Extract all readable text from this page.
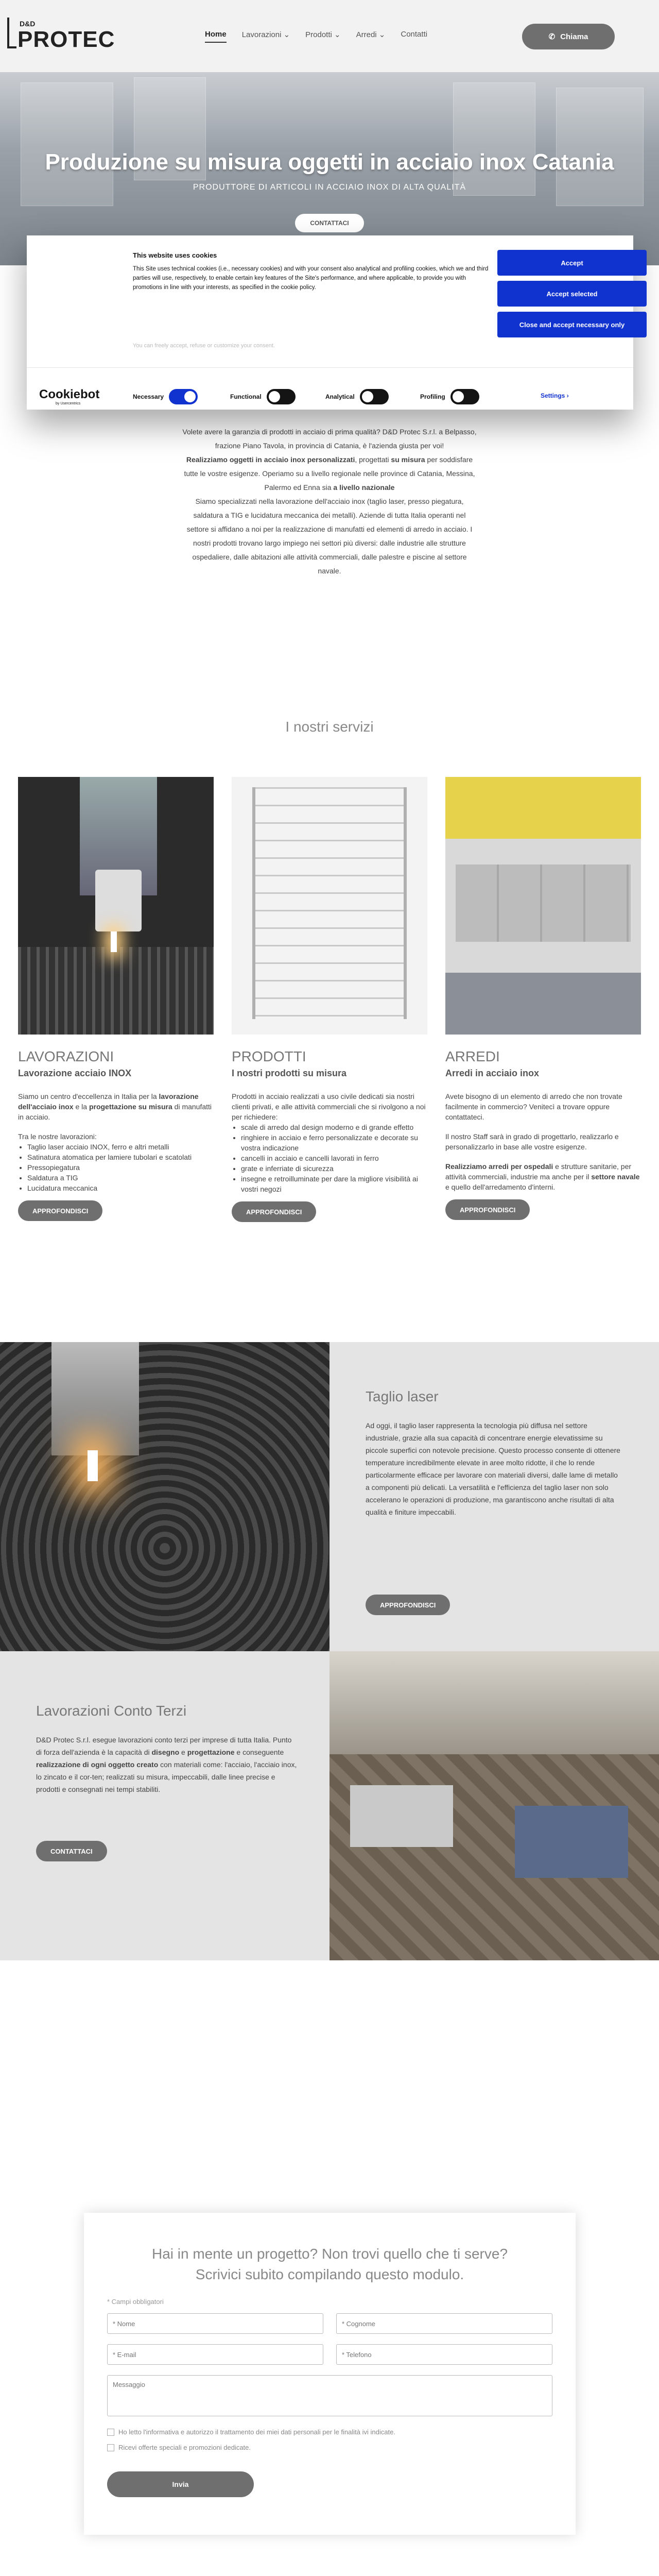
D&D
PROTEC	Home Lavorazioni ⌄ Prodotti ⌄ Arredi ⌄ Contatti	✆ Chiama
Produzione su misura oggetti in acciaio inox Catania
PRODUTTORE DI ARTICOLI IN ACCIAIO INOX DI ALTA QUALITÀ
CONTATTACI
This website uses cookies
This Site uses technical cookies (i.e., necessary cookies) and with your consent also analytical and profiling cookies, which we and third parties will use, respectively, to enable certain key features of the Site's performance, and where applicable, to provide you with promotions in line with your interests, as specified in the cookie policy.
You can freely accept, refuse or customize your consent.
Accept
Accept selected
Close and accept necessary only
Cookiebot
by Usercentrics
Necessary	Functional	Analytical	Profiling	Settings ›

Volete avere la garanzia di prodotti in acciaio di prima qualità? D&D Protec S.r.l. a Belpasso,

frazione Piano Tavola, in provincia di Catania, è l'azienda giusta per voi!

Realizziamo oggetti in acciaio inox personalizzati, progettati su misura per soddisfare

tutte le vostre esigenze. Operiamo su a livello regionale nelle province di Catania, Messina,

Palermo ed Enna sia a livello nazionale

Siamo specializzati nella lavorazione dell'acciaio inox (taglio laser, presso piegatura,

saldatura a TIG e lucidatura meccanica dei metalli). Aziende di tutta Italia operanti nel

settore si affidano a noi per la realizzazione di manufatti ed elementi di arredo in acciaio. I

nostri prodotti trovano largo impiego nei settori più diversi: dalle industrie alle strutture

ospedaliere, dalle abitazioni alle attività commerciali, dalle palestre e piscine al settore

navale.

I nostri servizi
LAVORAZIONI
Lavorazione acciaio INOX

Siamo un centro d'eccellenza in Italia per la lavorazione dell'acciaio inox e la progettazione su misura di manufatti in acciaio.

Tra le nostre lavorazioni:

• Taglio laser acciaio INOX, ferro e altri metalli
• Satinatura atomatica per lamiere tubolari e scatolati
• Pressopiegatura
• Saldatura a TIG
• Lucidatura meccanica
APPROFONDISCI
PRODOTTI
I nostri prodotti su misura

Prodotti in acciaio realizzati a uso civile dedicati sia nostri clienti privati, e alle attività commerciali che si rivolgono a noi per richiedere:

• scale di arredo dal design moderno e di grande effetto
• ringhiere in acciaio e ferro personalizzate e decorate su vostra indicazione
• cancelli in acciaio e cancelli lavorati in ferro
• grate e inferriate di sicurezza
• insegne e retroilluminate per dare la migliore visibilità ai vostri negozi
APPROFONDISCI
ARREDI
Arredi in acciaio inox

Avete bisogno di un elemento di arredo che non trovate facilmente in commercio? Venitecì a trovare oppure contattateci.

Il nostro Staff sarà in grado di progettarlo, realizzarlo e personalizzarlo in base alle vostre esigenze.

Realizziamo arredi per ospedali e strutture sanitarie, per attività commerciali, industrie ma anche per il settore navale e quello dell'arredamento d'interni.

APPROFONDISCI
Taglio laser
Ad oggi, il taglio laser rappresenta la tecnologia più diffusa nel settore industriale, grazie alla sua capacità di concentrare energie elevatissime su piccole superfici con notevole precisione. Questo processo consente di ottenere temperature incredibilmente elevate in aree molto ridotte, il che lo rende particolarmente efficace per lavorare con materiali diversi, dalle lame di metallo a componenti più delicati. La versatilità e l'efficienza del taglio laser non solo accelerano le operazioni di produzione, ma garantiscono anche risultati di alta qualità e finiture impeccabili.
APPROFONDISCI
Lavorazioni Conto Terzi
D&D Protec S.r.l. esegue lavorazioni conto terzi per imprese di tutta Italia. Punto di forza dell'azienda è la capacità di disegno e progettazione e conseguente realizzazione di ogni oggetto creato con materiali come: l'acciaio, l'acciaio inox, lo zincato e il cor-ten; realizzati su misura, impeccabili, dalle linee precise e prodotti e consegnati nei tempi stabiliti.
CONTATTACI
Hai in mente un progetto? Non trovi quello che ti serve?
Scrivici subito compilando questo modulo.
* Campi obbligatori
* Nome
* Cognome
* E-mail
* Telefono
Messaggio
Ho letto l'informativa e autorizzo il trattamento dei miei dati personali per le finalità ivi indicate.
Ricevi offerte speciali e promozioni dedicate.
Invia
